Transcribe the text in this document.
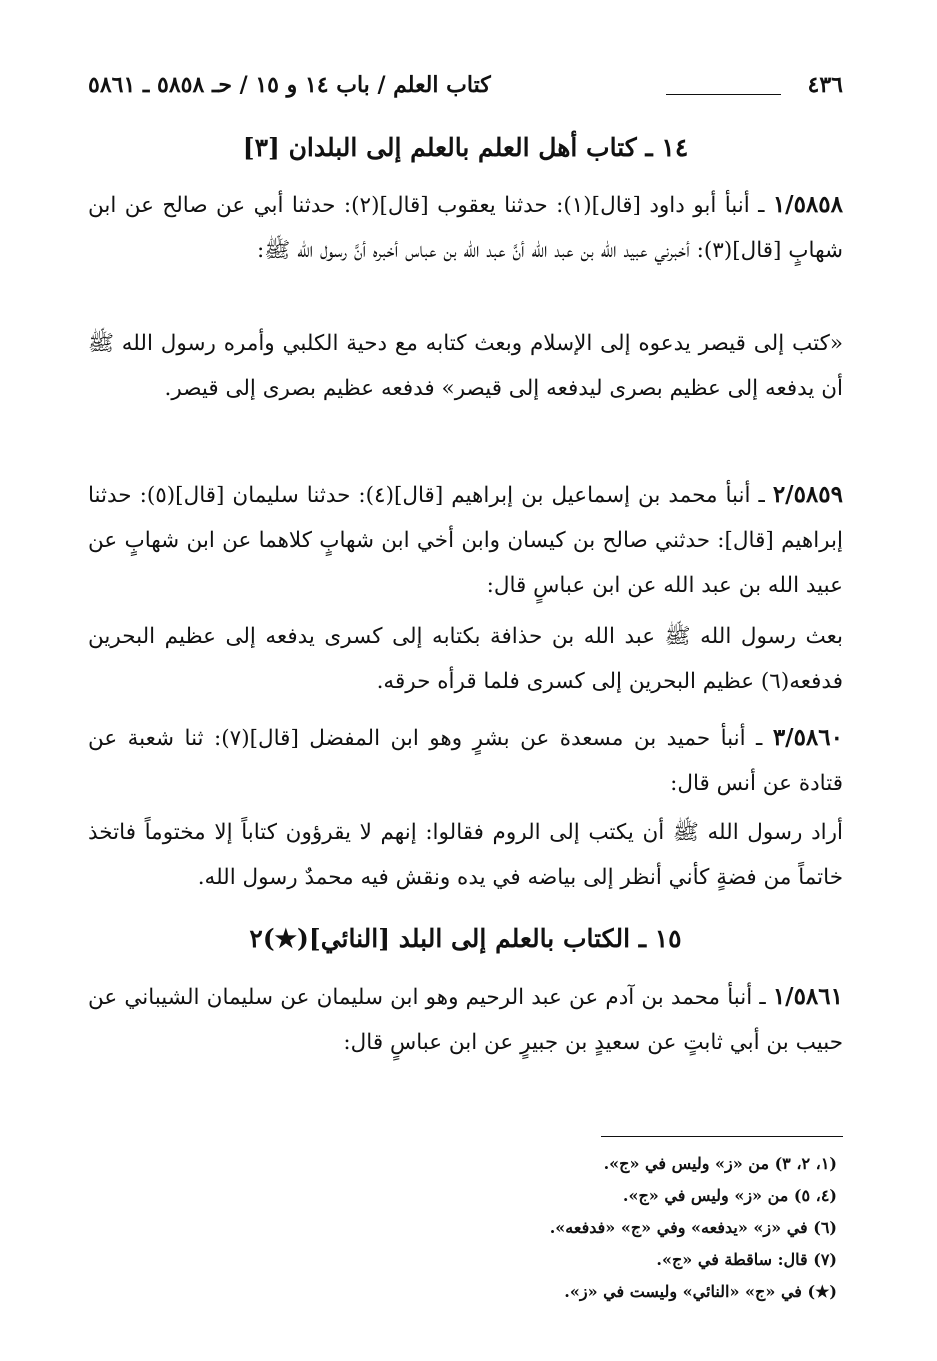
٤٣٦
كتاب العلم / باب ١٤ و ١٥ / حـ ٥٨٥٨ ـ ٥٨٦١
١٤ ـ كتاب أهل العلم بالعلم إلى البلدان [٣]
١/٥٨٥٨ ـ أنبأ أبو داود [قال](١): حدثنا يعقوب [قال](٢): حدثنا أبي عن صالح عن ابن شهابٍ [قال](٣): أخبرني عبيد الله بن عبد الله أنَّ عبد الله بن عباس أخبره أنَّ رسول الله ﷺ:
«كتب إلى قيصر يدعوه إلى الإسلام وبعث كتابه مع دحية الكلبي وأمره رسول الله ﷺ أن يدفعه إلى عظيم بصرى ليدفعه إلى قيصر» فدفعه عظيم بصرى إلى قيصر.
٢/٥٨٥٩ ـ أنبأ محمد بن إسماعيل بن إبراهيم [قال](٤): حدثنا سليمان [قال](٥): حدثنا إبراهيم [قال]: حدثني صالح بن كيسان وابن أخي ابن شهابٍ كلاهما عن ابن شهابٍ عن عبيد الله بن عبد الله عن ابن عباسٍ قال:
بعث رسول الله ﷺ عبد الله بن حذافة بكتابه إلى كسرى يدفعه إلى عظيم البحرين فدفعه(٦) عظيم البحرين إلى كسرى فلما قرأه حرقه.
٣/٥٨٦٠ ـ أنبأ حميد بن مسعدة عن بشرٍ وهو ابن المفضل [قال](٧): ثنا شعبة عن قتادة عن أنس قال:
أراد رسول الله ﷺ أن يكتب إلى الروم فقالوا: إنهم لا يقرؤون كتاباً إلا مختوماً فاتخذ خاتماً من فضةٍ كأني أنظر إلى بياضه في يده ونقش فيه محمدٌ رسول الله.
١٥ ـ الكتاب بالعلم إلى البلد [النائي](★)٢
١/٥٨٦١ ـ أنبأ محمد بن آدم عن عبد الرحيم وهو ابن سليمان عن سليمان الشيباني عن حبيب بن أبي ثابتٍ عن سعيدٍ بن جبيرٍ عن ابن عباسٍ قال:
(١، ٢، ٣) من «ز» وليس في «ج».
(٤، ٥) من «ز» وليس في «ج».
(٦) في «ز» «يدفعه» وفي «ج» «فدفعه».
(٧) قال: ساقطة في «ج».
(★) في «ج» «النائي» وليست في «ز».
